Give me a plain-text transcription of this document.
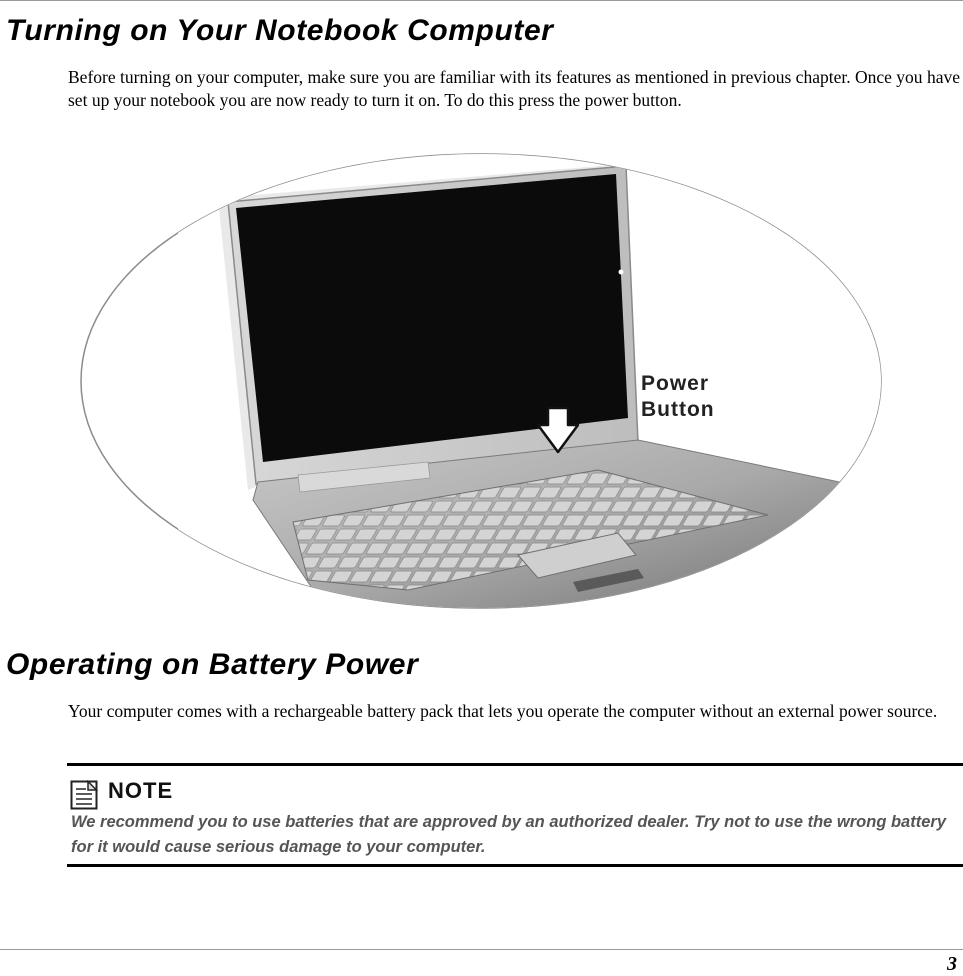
Turning on Your Notebook Computer

Before turning on your computer, make sure you are familiar with its features as mentioned in previous chapter. Once you have set up your notebook you are now ready to turn it on. To do this press the power button.

Power
Button
Operating on Battery Power

Your computer comes with a rechargeable battery pack that lets you operate the computer without an external power source.

NOTE

We recommend you to use batteries that are approved by an authorized dealer. Try not to use the wrong battery for it would cause serious damage to your computer.

3
